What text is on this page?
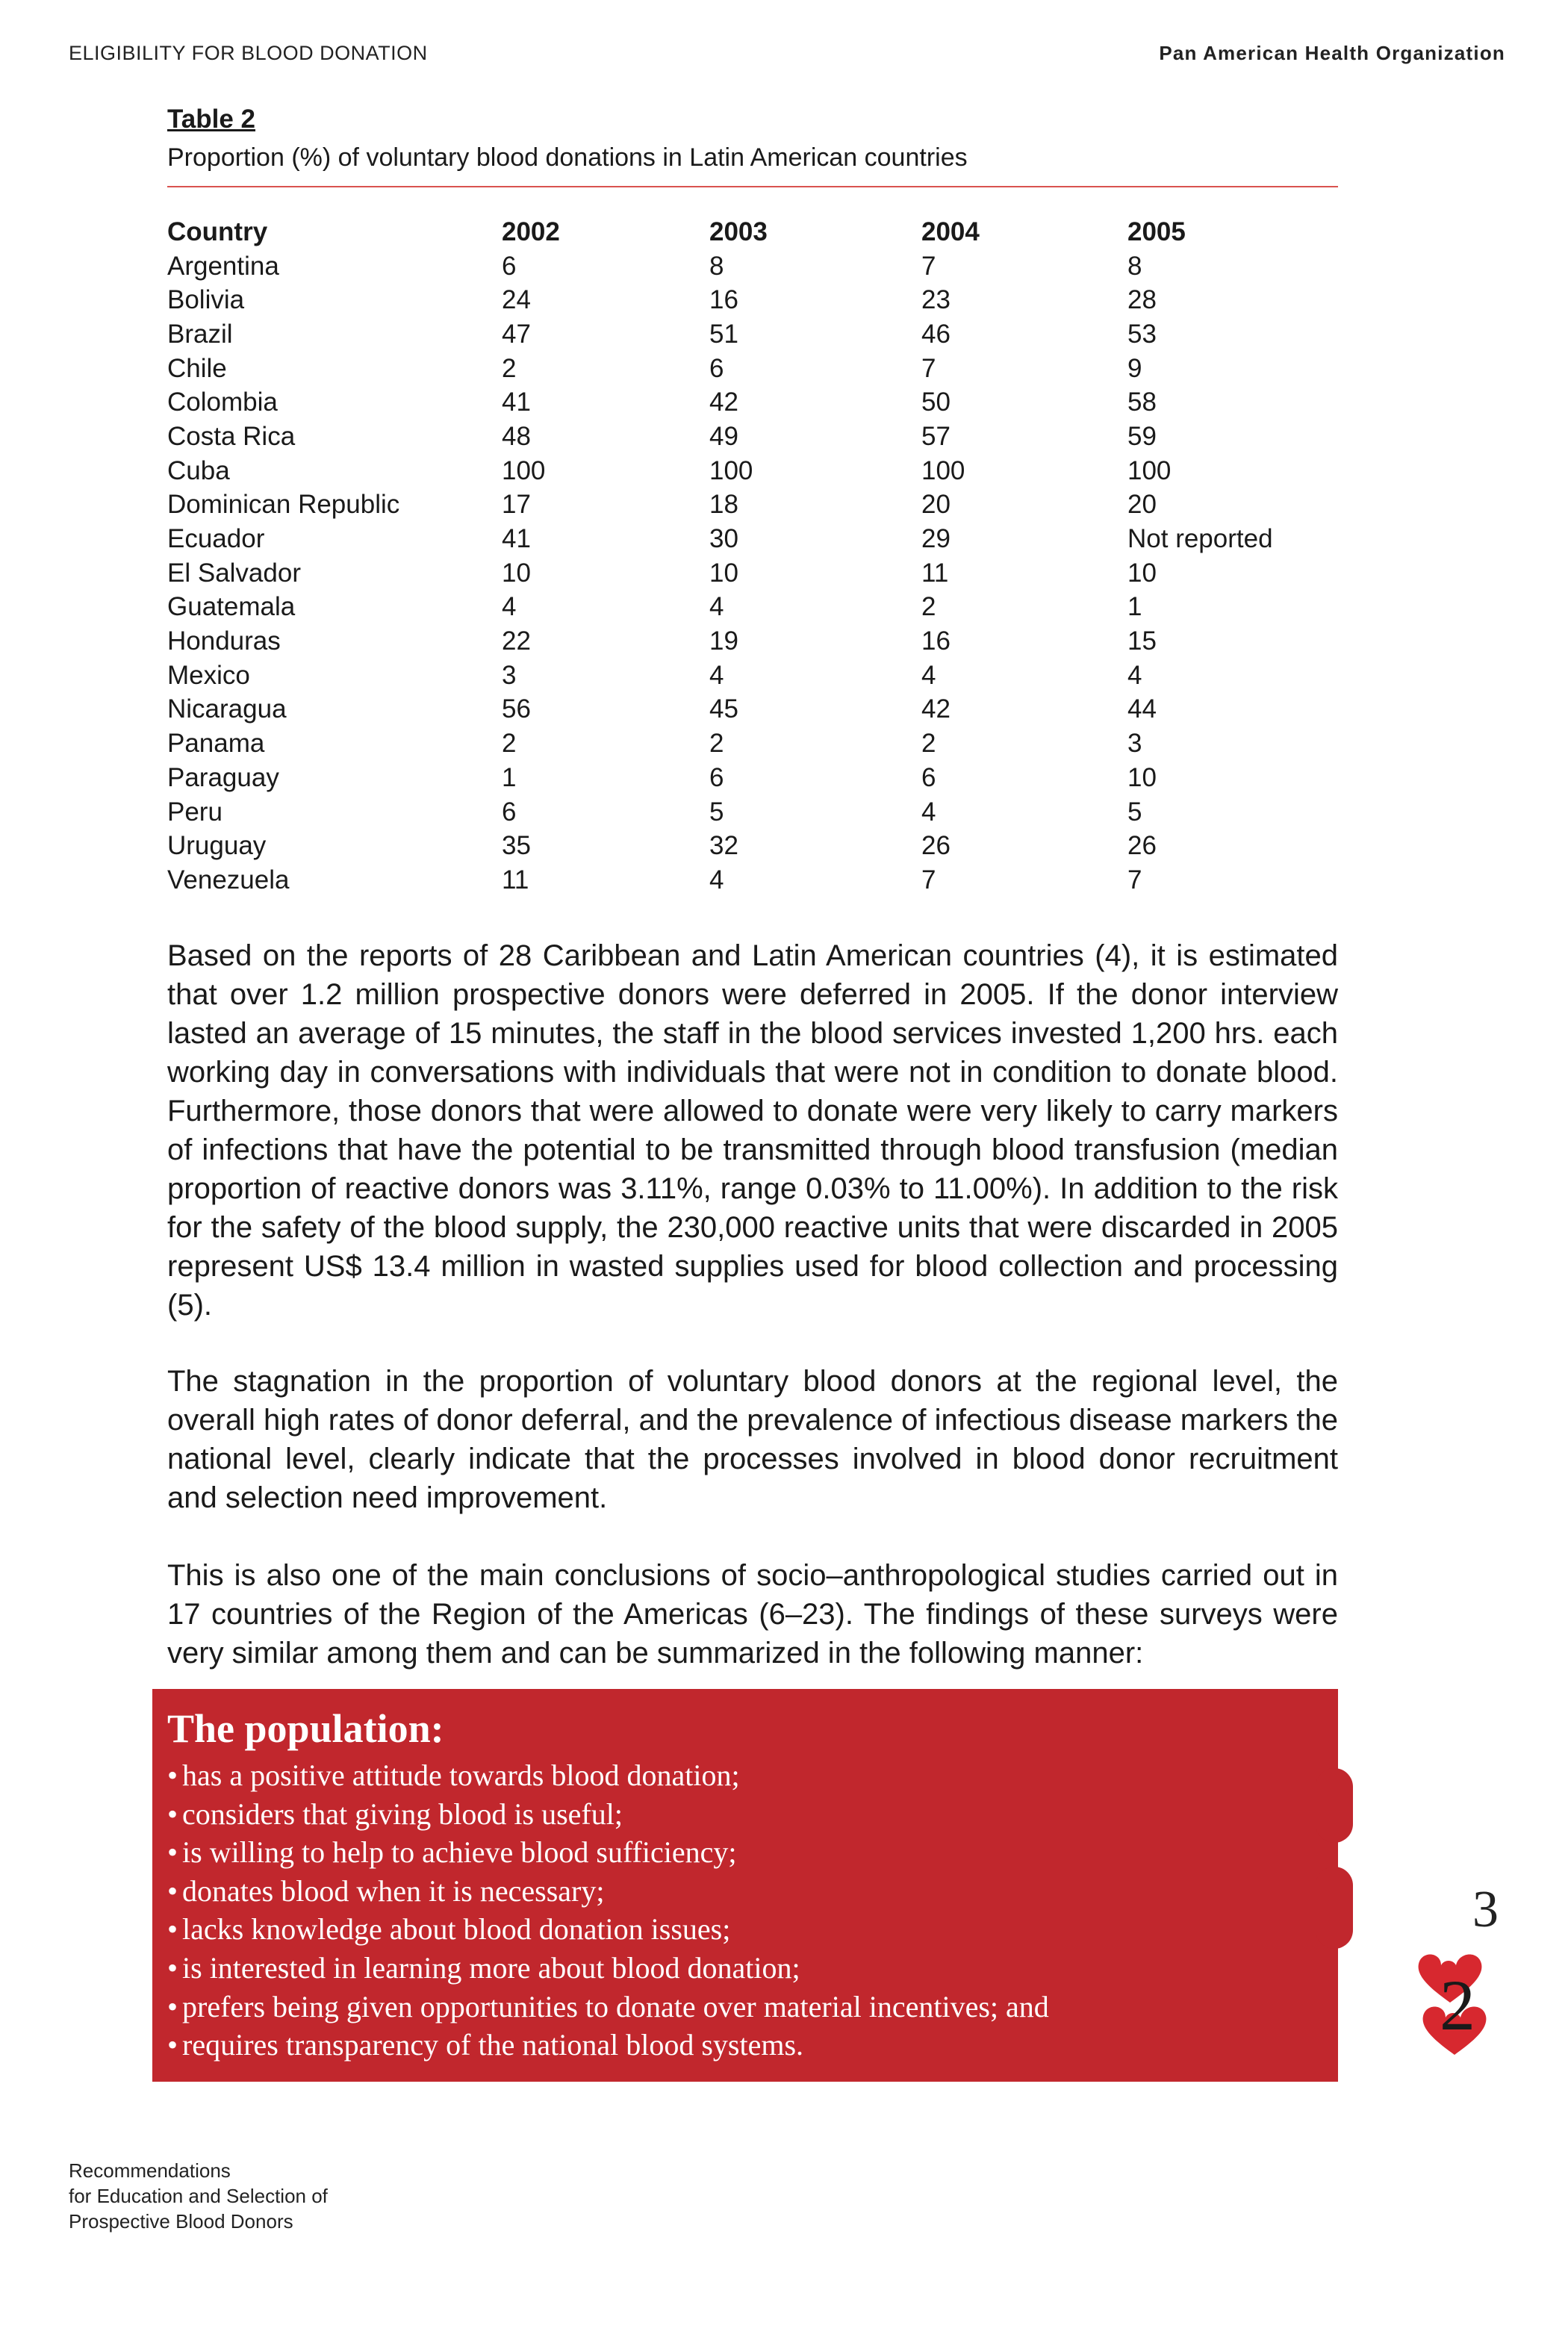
ELIGIBILITY FOR BLOOD DONATION	Pan American Health Organization
Table 2
Proportion (%) of voluntary blood donations in Latin American countries
Country	2002	2003	2004	2005
Argentina	6	8	7	8
Bolivia	24	16	23	28
Brazil	47	51	46	53
Chile	2	6	7	9
Colombia	41	42	50	58
Costa Rica	48	49	57	59
Cuba	100	100	100	100
Dominican Republic	17	18	20	20
Ecuador	41	30	29	Not reported
El Salvador	10	10	11	10
Guatemala	4	4	2	1
Honduras	22	19	16	15
Mexico	3	4	4	4
Nicaragua	56	45	42	44
Panama	2	2	2	3
Paraguay	1	6	6	10
Peru	6	5	4	5
Uruguay	35	32	26	26
Venezuela	11	4	7	7

Based on the reports of 28 Caribbean and Latin American countries (4), it is estimated that over 1.2 million prospective donors were deferred in 2005. If the donor interview lasted an average of 15 minutes, the staff in the blood services invested 1,200 hrs. each working day in conversations with individuals that were not in condition to donate blood. Furthermore, those donors that were allowed to donate were very likely to carry markers of infections that have the potential to be transmitted through blood transfusion (median proportion of reactive donors was 3.11%, range 0.03% to 11.00%). In addition to the risk for the safety of the blood supply, the 230,000 reactive units that were discarded in 2005 represent US$ 13.4 million in wasted supplies used for blood collection and processing (5).

The stagnation in the proportion of voluntary blood donors at the regional level, the overall high rates of donor deferral, and the prevalence of infectious disease markers the national level, clearly indicate that the processes involved in blood donor recruitment and selection need improvement.

This is also one of the main conclusions of socio–anthropological studies carried out in 17 countries of the Region of the Americas (6–23). The findings of these surveys were very similar among them and can be summarized in the following manner:

The population:
• has a positive attitude towards blood donation;
• considers that giving blood is useful;
• is willing to help to achieve blood sufficiency;
• donates blood when it is necessary;
• lacks knowledge about blood donation issues;
• is interested in learning more about blood donation;
• prefers being given opportunities to donate over material incentives; and
• requires transparency of the national blood systems.
3
2
Recommendations
for Education and Selection of
Prospective Blood Donors
